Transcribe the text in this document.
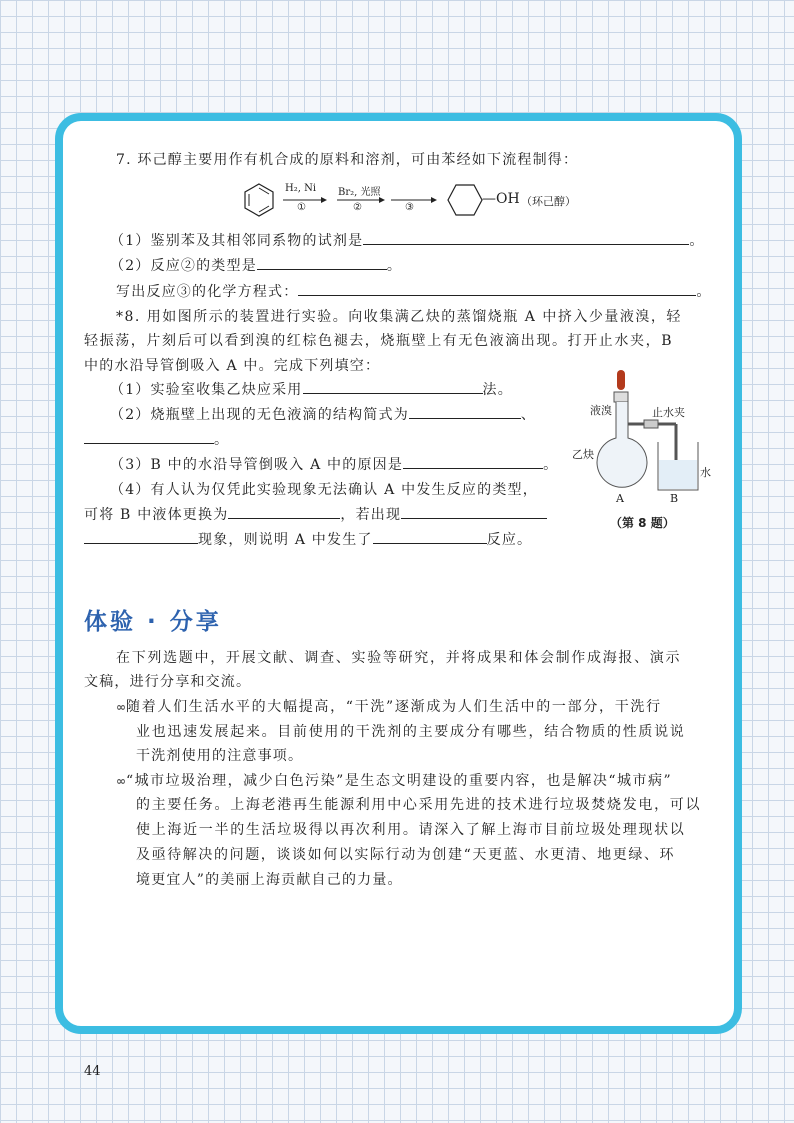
7. 环己醇主要用作有机合成的原料和溶剂，可由苯经如下流程制得：
H₂, Ni
①
Br₂, 光照
②	③
—OH （环己醇）
（1）鉴别苯及其相邻同系物的试剂是	。
（2）反应②的类型是	。
写出反应③的化学方程式：	。
*8. 用如图所示的装置进行实验。向收集满乙炔的蒸馏烧瓶 A 中挤入少量液溴，轻
轻振荡，片刻后可以看到溴的红棕色褪去，烧瓶壁上有无色液滴出现。打开止水夹，B
中的水沿导管倒吸入 A 中。完成下列填空：
（1）实验室收集乙炔应采用	法。
（2）烧瓶壁上出现的无色液滴的结构简式为	、
。
（3）B 中的水沿导管倒吸入 A 中的原因是	。
（4）有人认为仅凭此实验现象无法确认 A 中发生反应的类型，
可将 B 中液体更换为	，若出现
现象，则说明 A 中发生了	反应。
液溴	止水夹
乙炔
水
A	B
（第 8 题）
体验 · 分享
在下列选题中，开展文献、调查、实验等研究，并将成果和体会制作成海报、演示
文稿，进行分享和交流。
∞随着人们生活水平的大幅提高，“干洗”逐渐成为人们生活中的一部分，干洗行
业也迅速发展起来。目前使用的干洗剂的主要成分有哪些，结合物质的性质说说
干洗剂使用的注意事项。
∞“城市垃圾治理，减少白色污染”是生态文明建设的重要内容，也是解决“城市病”
的主要任务。上海老港再生能源利用中心采用先进的技术进行垃圾焚烧发电，可以
使上海近一半的生活垃圾得以再次利用。请深入了解上海市目前垃圾处理现状以
及亟待解决的问题，谈谈如何以实际行动为创建“天更蓝、水更清、地更绿、环
境更宜人”的美丽上海贡献自己的力量。
44
